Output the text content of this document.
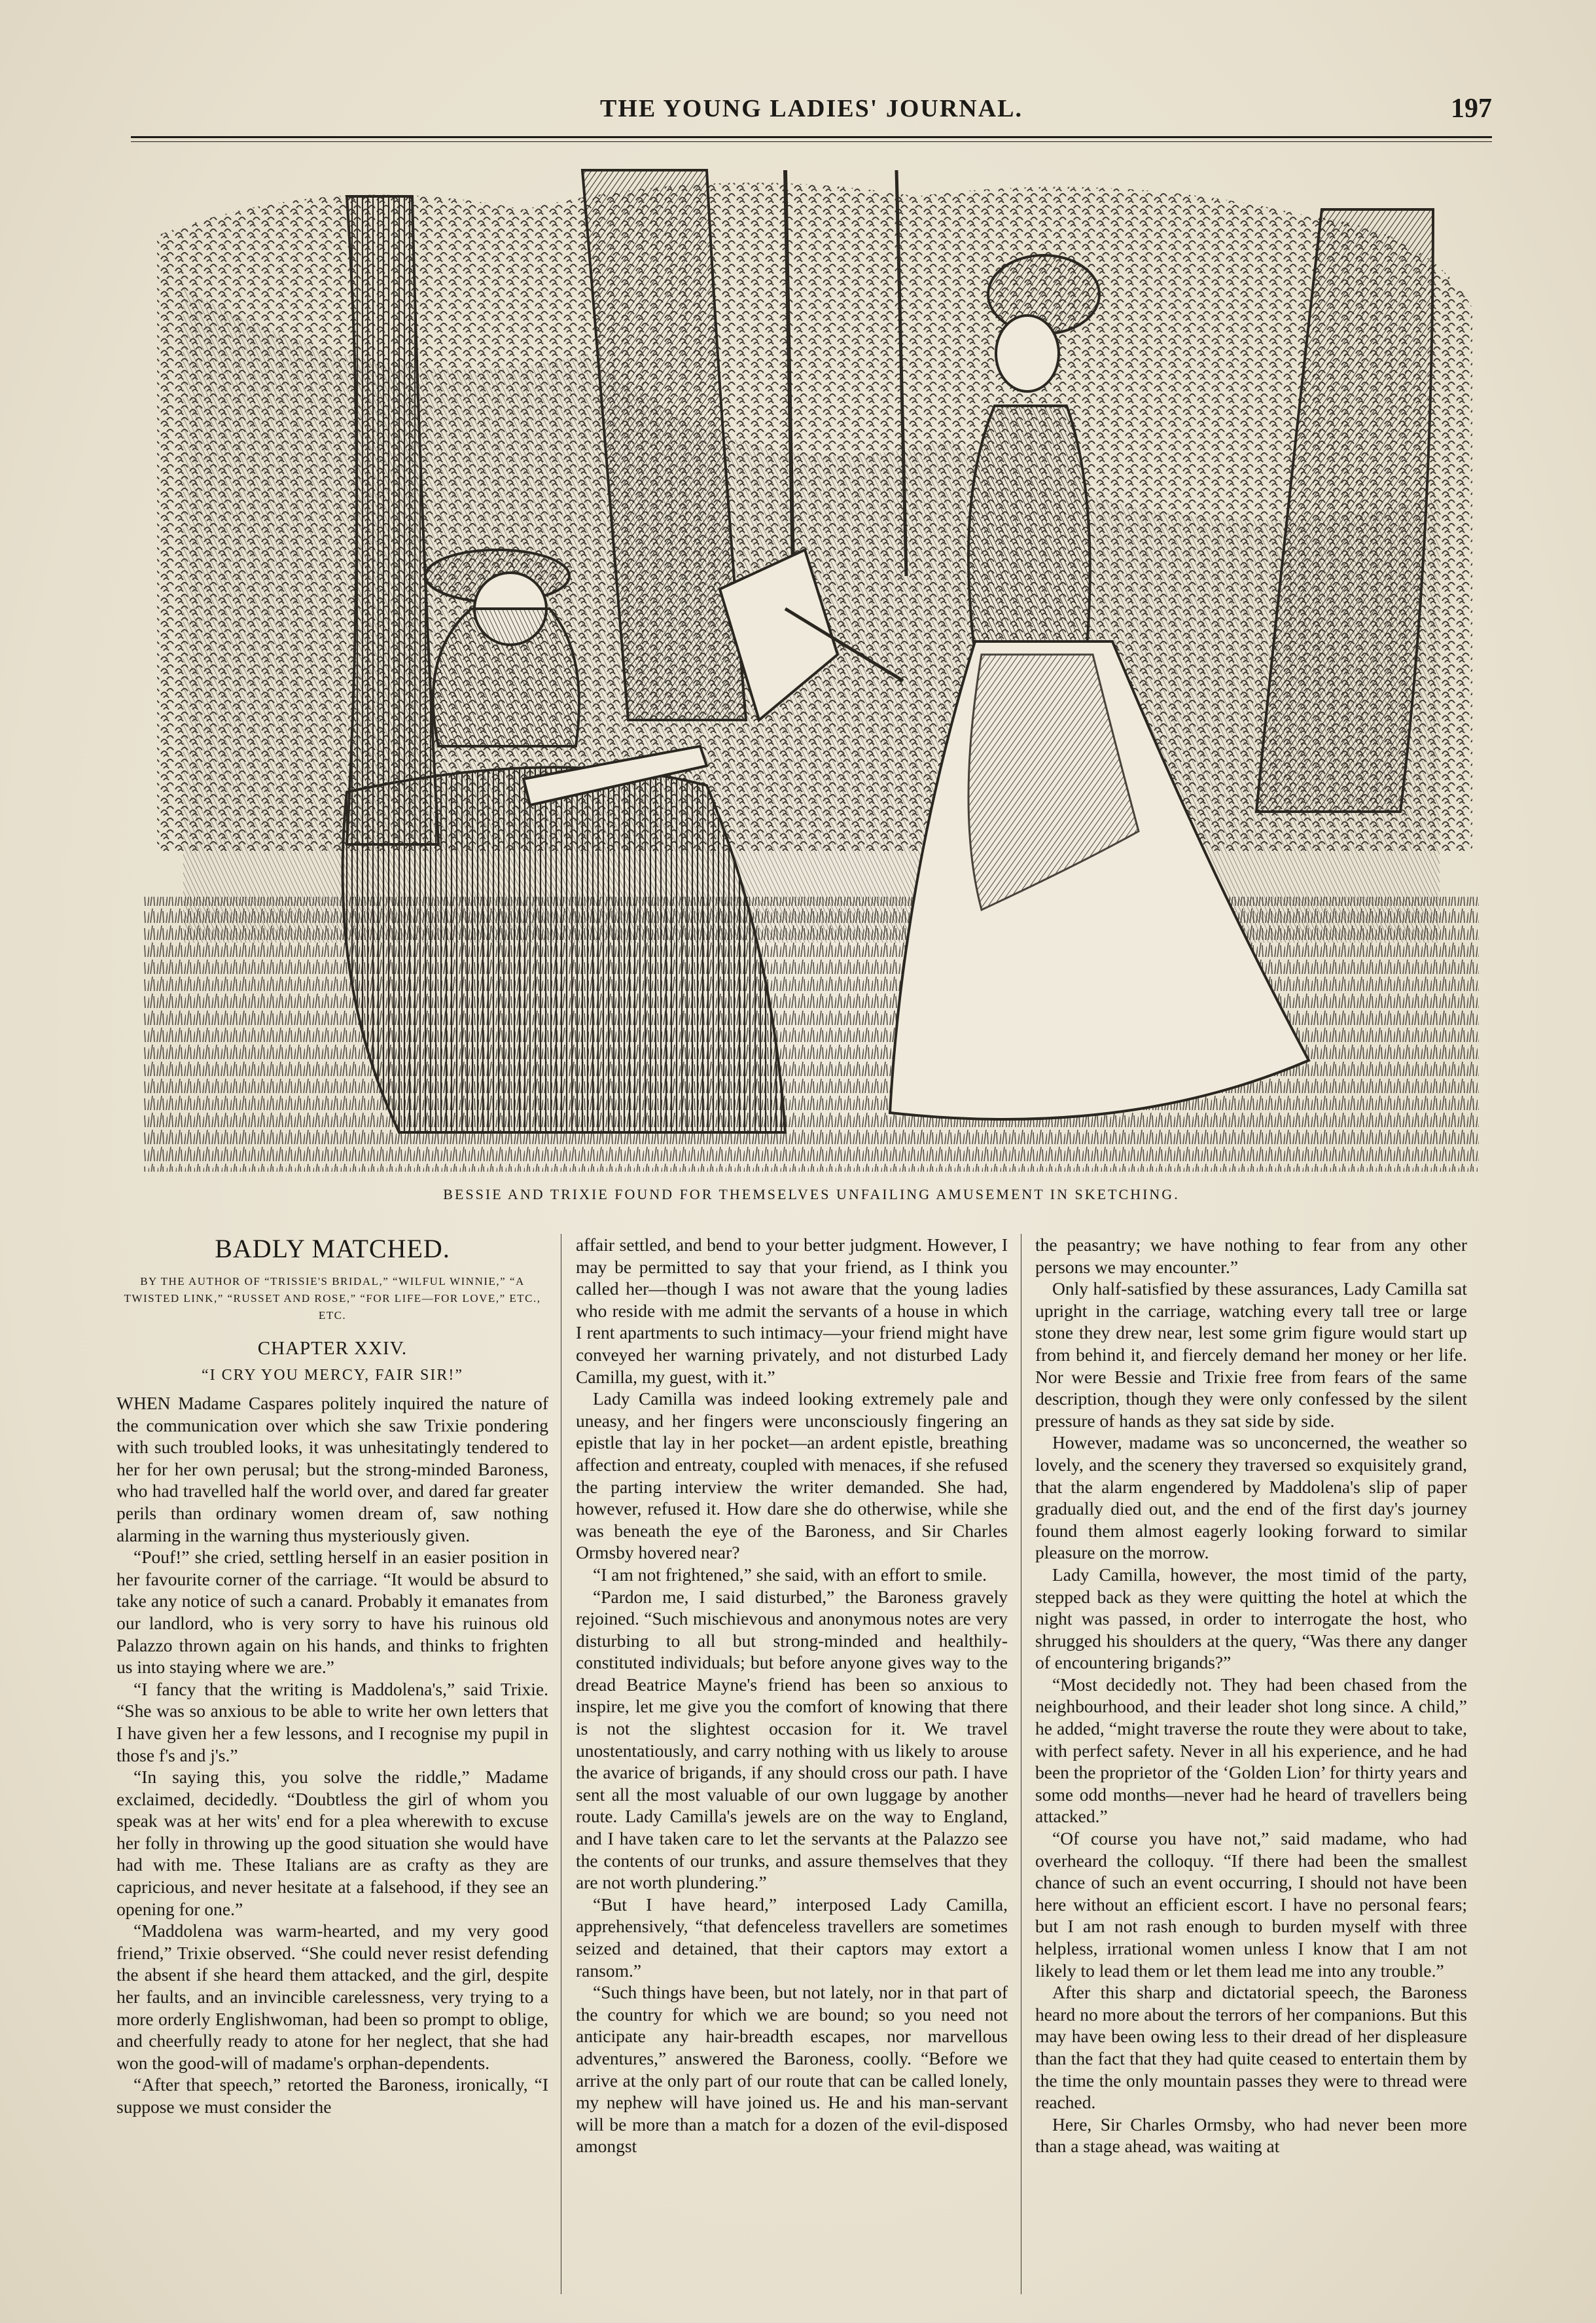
THE YOUNG LADIES' JOURNAL.	197
BESSIE AND TRIXIE FOUND FOR THEMSELVES UNFAILING AMUSEMENT IN SKETCHING.
BADLY MATCHED.
BY THE AUTHOR OF “TRISSIE'S BRIDAL,” “WILFUL WINNIE,” “A TWISTED LINK,” “RUSSET AND ROSE,” “FOR LIFE—FOR LOVE,” ETC., ETC.
CHAPTER XXIV.
“I CRY YOU MERCY, FAIR SIR!”

WHEN Madame Caspares politely inquired the nature of the communication over which she saw Trixie pondering with such troubled looks, it was unhesitatingly tendered to her for her own perusal; but the strong-minded Baroness, who had travelled half the world over, and dared far greater perils than ordinary women dream of, saw nothing alarming in the warning thus mysteriously given.

“Pouf!” she cried, settling herself in an easier position in her favourite corner of the carriage. “It would be absurd to take any notice of such a canard. Probably it emanates from our landlord, who is very sorry to have his ruinous old Palazzo thrown again on his hands, and thinks to frighten us into staying where we are.”

“I fancy that the writing is Maddolena's,” said Trixie. “She was so anxious to be able to write her own letters that I have given her a few lessons, and I recognise my pupil in those f's and j's.”

“In saying this, you solve the riddle,” Madame exclaimed, decidedly. “Doubtless the girl of whom you speak was at her wits' end for a plea wherewith to excuse her folly in throwing up the good situation she would have had with me. These Italians are as crafty as they are capricious, and never hesitate at a falsehood, if they see an opening for one.”

“Maddolena was warm-hearted, and my very good friend,” Trixie observed. “She could never resist defending the absent if she heard them attacked, and the girl, despite her faults, and an invincible carelessness, very trying to a more orderly Englishwoman, had been so prompt to oblige, and cheerfully ready to atone for her neglect, that she had won the good-will of madame's orphan-dependents.

“After that speech,” retorted the Baroness, ironically, “I suppose we must consider the

affair settled, and bend to your better judgment. However, I may be permitted to say that your friend, as I think you called her—though I was not aware that the young ladies who reside with me admit the servants of a house in which I rent apartments to such intimacy—your friend might have conveyed her warning privately, and not disturbed Lady Camilla, my guest, with it.”

Lady Camilla was indeed looking extremely pale and uneasy, and her fingers were unconsciously fingering an epistle that lay in her pocket—an ardent epistle, breathing affection and entreaty, coupled with menaces, if she refused the parting interview the writer demanded. She had, however, refused it. How dare she do otherwise, while she was beneath the eye of the Baroness, and Sir Charles Ormsby hovered near?

“I am not frightened,” she said, with an effort to smile.

“Pardon me, I said disturbed,” the Baroness gravely rejoined. “Such mischievous and anonymous notes are very disturbing to all but strong-minded and healthily-constituted individuals; but before anyone gives way to the dread Beatrice Mayne's friend has been so anxious to inspire, let me give you the comfort of knowing that there is not the slightest occasion for it. We travel unostentatiously, and carry nothing with us likely to arouse the avarice of brigands, if any should cross our path. I have sent all the most valuable of our own luggage by another route. Lady Camilla's jewels are on the way to England, and I have taken care to let the servants at the Palazzo see the contents of our trunks, and assure themselves that they are not worth plundering.”

“But I have heard,” interposed Lady Camilla, apprehensively, “that defenceless travellers are sometimes seized and detained, that their captors may extort a ransom.”

“Such things have been, but not lately, nor in that part of the country for which we are bound; so you need not anticipate any hair-breadth escapes, nor marvellous adventures,” answered the Baroness, coolly. “Before we arrive at the only part of our route that can be called lonely, my nephew will have joined us. He and his man-servant will be more than a match for a dozen of the evil-disposed amongst

the peasantry; we have nothing to fear from any other persons we may encounter.”

Only half-satisfied by these assurances, Lady Camilla sat upright in the carriage, watching every tall tree or large stone they drew near, lest some grim figure would start up from behind it, and fiercely demand her money or her life. Nor were Bessie and Trixie free from fears of the same description, though they were only confessed by the silent pressure of hands as they sat side by side.

However, madame was so unconcerned, the weather so lovely, and the scenery they traversed so exquisitely grand, that the alarm engendered by Maddolena's slip of paper gradually died out, and the end of the first day's journey found them almost eagerly looking forward to similar pleasure on the morrow.

Lady Camilla, however, the most timid of the party, stepped back as they were quitting the hotel at which the night was passed, in order to interrogate the host, who shrugged his shoulders at the query, “Was there any danger of encountering brigands?”

“Most decidedly not. They had been chased from the neighbourhood, and their leader shot long since. A child,” he added, “might traverse the route they were about to take, with perfect safety. Never in all his experience, and he had been the proprietor of the ‘Golden Lion’ for thirty years and some odd months—never had he heard of travellers being attacked.”

“Of course you have not,” said madame, who had overheard the colloquy. “If there had been the smallest chance of such an event occurring, I should not have been here without an efficient escort. I have no personal fears; but I am not rash enough to burden myself with three helpless, irrational women unless I know that I am not likely to lead them or let them lead me into any trouble.”

After this sharp and dictatorial speech, the Baroness heard no more about the terrors of her companions. But this may have been owing less to their dread of her displeasure than the fact that they had quite ceased to entertain them by the time the only mountain passes they were to thread were reached.

Here, Sir Charles Ormsby, who had never been more than a stage ahead, was waiting at
